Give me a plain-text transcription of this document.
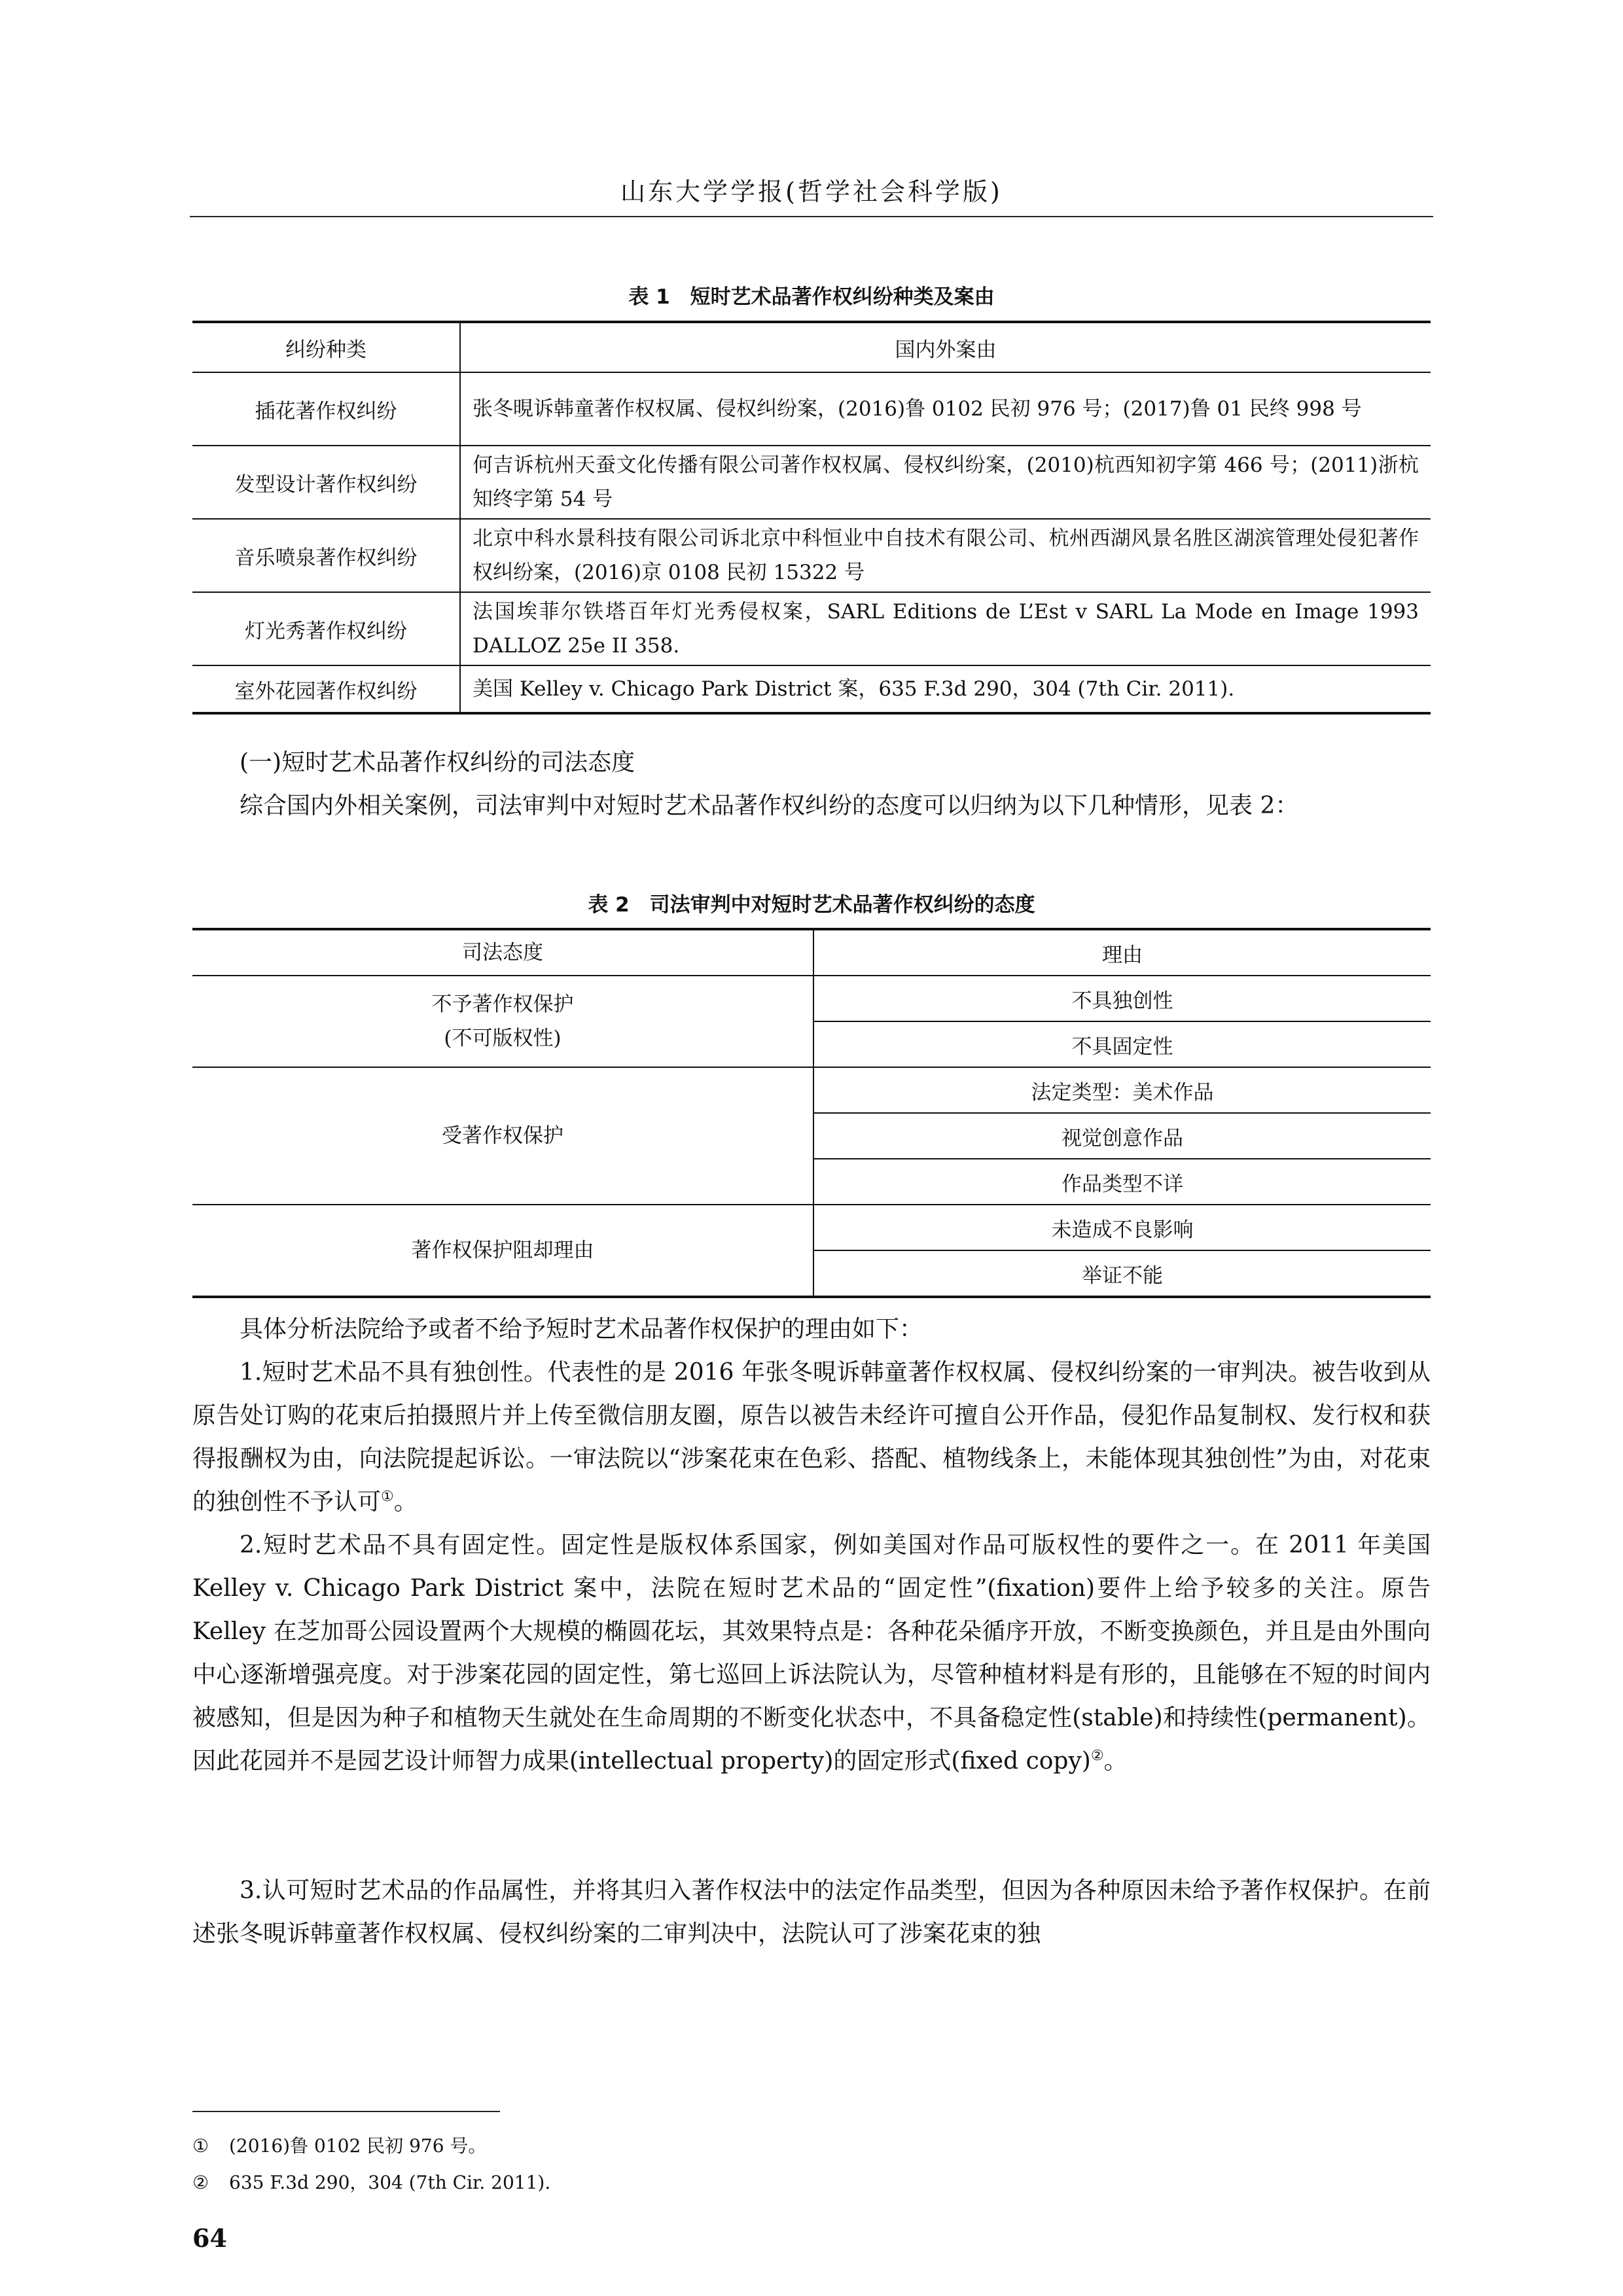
山东大学学报(哲学社会科学版)
表 1　短时艺术品著作权纠纷种类及案由
纠纷种类	国内外案由
插花著作权纠纷	张冬晛诉韩童著作权权属、侵权纠纷案，(2016)鲁 0102 民初 976 号；(2017)鲁 01 民终 998 号
发型设计著作权纠纷	何吉诉杭州天蚕文化传播有限公司著作权权属、侵权纠纷案，(2010)杭西知初字第 466 号；(2011)浙杭知终字第 54 号
音乐喷泉著作权纠纷	北京中科水景科技有限公司诉北京中科恒业中自技术有限公司、杭州西湖风景名胜区湖滨管理处侵犯著作权纠纷案，(2016)京 0108 民初 15322 号
灯光秀著作权纠纷	法国埃菲尔铁塔百年灯光秀侵权案，SARL Editions de L’Est v SARL La Mode en Image 1993 DALLOZ 25e II 358.
室外花园著作权纠纷	美国 Kelley v. Chicago Park District 案，635 F.3d 290，304 (7th Cir. 2011).
(一)短时艺术品著作权纠纷的司法态度
综合国内外相关案例，司法审判中对短时艺术品著作权纠纷的态度可以归纳为以下几种情形，见表 2：
表 2　司法审判中对短时艺术品著作权纠纷的态度
司法态度	理由

不予著作权保护
(不可版权性)	不具独创性
	不具固定性
受著作权保护	法定类型：美术作品
	视觉创意作品
	作品类型不详
著作权保护阻却理由	未造成不良影响
	举证不能
具体分析法院给予或者不给予短时艺术品著作权保护的理由如下：
1.短时艺术品不具有独创性。代表性的是 2016 年张冬晛诉韩童著作权权属、侵权纠纷案的一审判决。被告收到从原告处订购的花束后拍摄照片并上传至微信朋友圈，原告以被告未经许可擅自公开作品，侵犯作品复制权、发行权和获得报酬权为由，向法院提起诉讼。一审法院以“涉案花束在色彩、搭配、植物线条上，未能体现其独创性”为由，对花束的独创性不予认可①。
2.短时艺术品不具有固定性。固定性是版权体系国家，例如美国对作品可版权性的要件之一。在 2011 年美国 Kelley v. Chicago Park District 案中，法院在短时艺术品的“固定性”(fixation)要件上给予较多的关注。原告 Kelley 在芝加哥公园设置两个大规模的椭圆花坛，其效果特点是：各种花朵循序开放，不断变换颜色，并且是由外围向中心逐渐增强亮度。对于涉案花园的固定性，第七巡回上诉法院认为，尽管种植材料是有形的，且能够在不短的时间内被感知，但是因为种子和植物天生就处在生命周期的不断变化状态中，不具备稳定性(stable)和持续性(permanent)。因此花园并不是园艺设计师智力成果(intellectual property)的固定形式(fixed copy)②。
3.认可短时艺术品的作品属性，并将其归入著作权法中的法定作品类型，但因为各种原因未给予著作权保护。在前述张冬晛诉韩童著作权权属、侵权纠纷案的二审判决中，法院认可了涉案花束的独
① (2016)鲁 0102 民初 976 号。
② 635 F.3d 290，304 (7th Cir. 2011).
64
